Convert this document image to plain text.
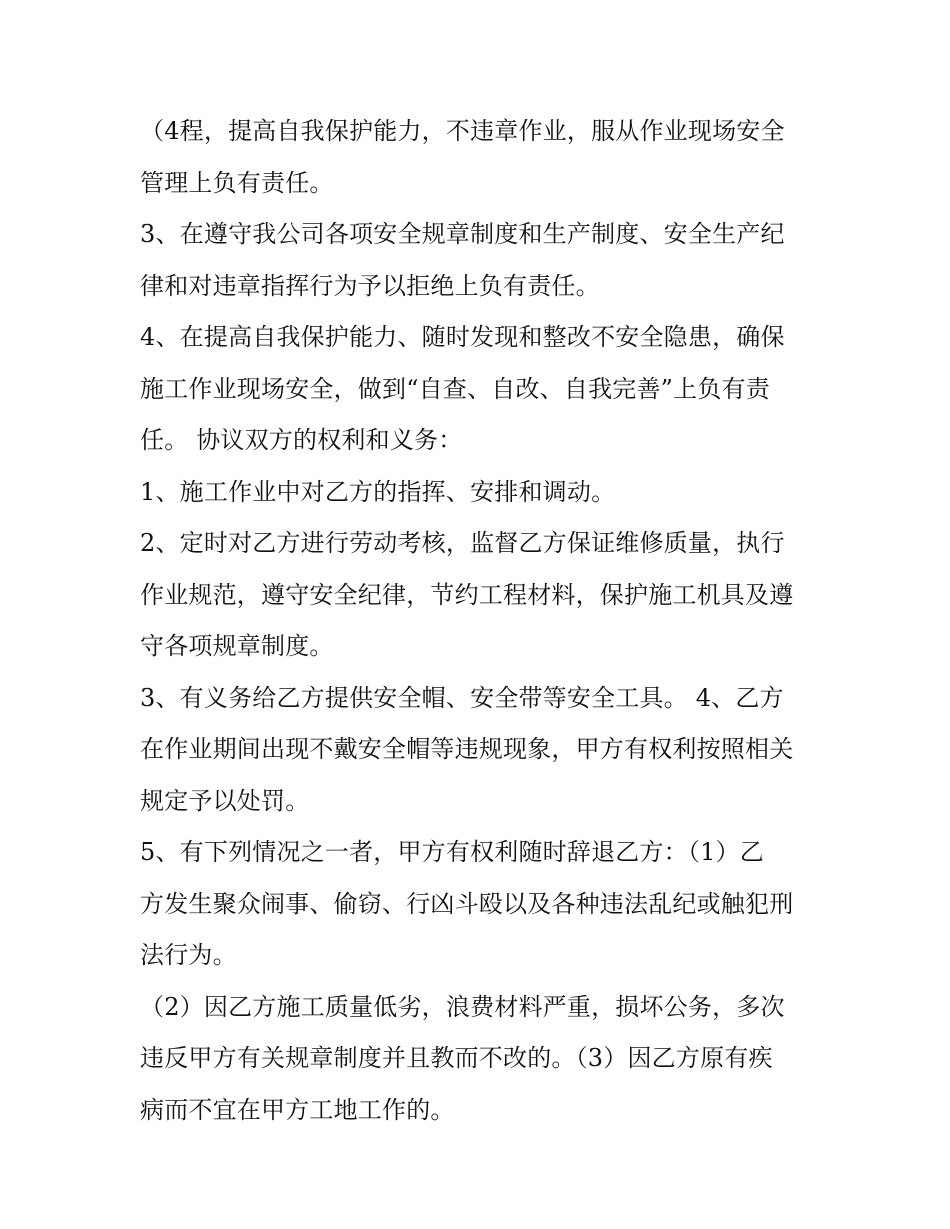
（4程，提高自我保护能力，不违章作业，服从作业现场安全
管理上负有责任。
3、在遵守我公司各项安全规章制度和生产制度、安全生产纪
律和对违章指挥行为予以拒绝上负有责任。
4、在提高自我保护能力、随时发现和整改不安全隐患，确保
施工作业现场安全，做到“自查、自改、自我完善”上负有责
任。 协议双方的权利和义务：
1、施工作业中对乙方的指挥、安排和调动。
2、定时对乙方进行劳动考核，监督乙方保证维修质量，执行
作业规范，遵守安全纪律，节约工程材料，保护施工机具及遵
守各项规章制度。
3、有义务给乙方提供安全帽、安全带等安全工具。 4、乙方
在作业期间出现不戴安全帽等违规现象，甲方有权利按照相关
规定予以处罚。
5、有下列情况之一者，甲方有权利随时辞退乙方：（1）乙
方发生聚众闹事、偷窃、行凶斗殴以及各种违法乱纪或触犯刑
法行为。
（2）因乙方施工质量低劣，浪费材料严重，损坏公务，多次
违反甲方有关规章制度并且教而不改的。（3）因乙方原有疾
病而不宜在甲方工地工作的。
